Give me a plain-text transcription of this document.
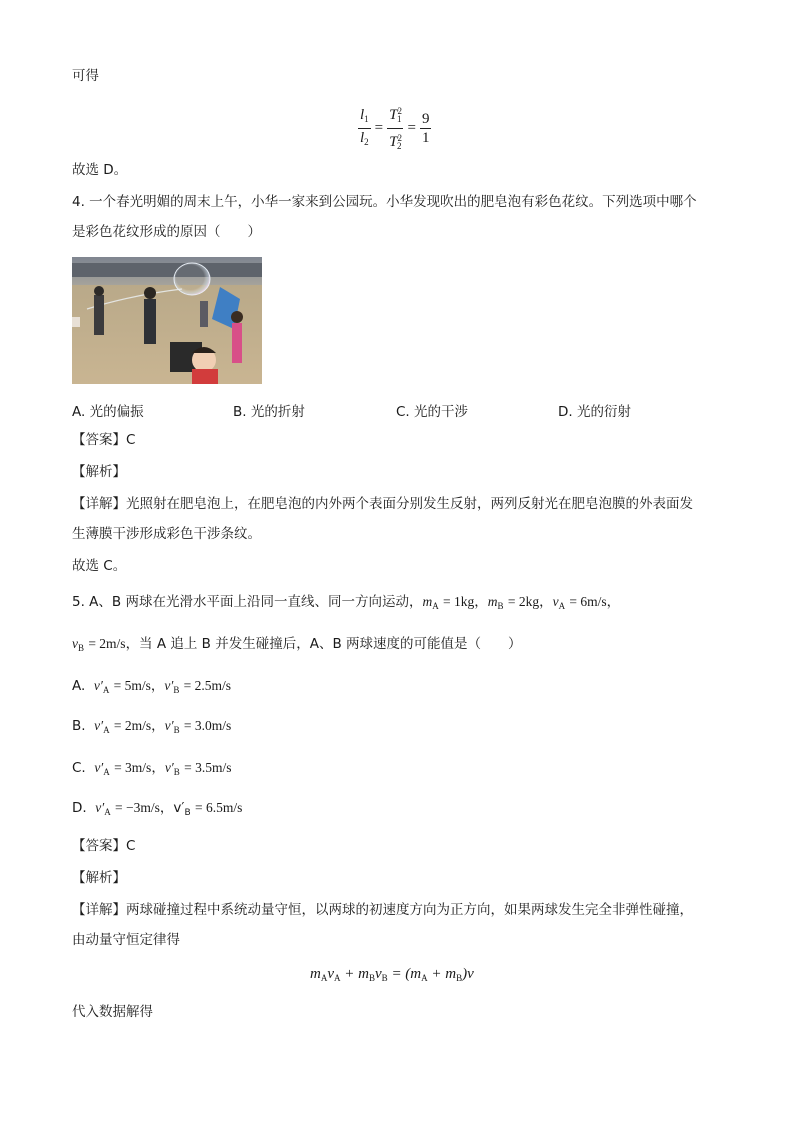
可得
$\frac{l_1}{l_2} = \frac{T^2_1}{T^2_2} = \frac{9}{1}$
故选 D。
4. 一个春光明媚的周末上午，小华一家来到公园玩。小华发现吹出的肥皂泡有彩色花纹。下列选项中哪个
是彩色花纹形成的原因（　　）
A. 光的偏振	B. 光的折射	C. 光的干涉	D. 光的衍射
【答案】C
【解析】
【详解】光照射在肥皂泡上，在肥皂泡的内外两个表面分别发生反射，两列反射光在肥皂泡膜的外表面发
生薄膜干涉形成彩色干涉条纹。
故选 C。
5. A、B 两球在光滑水平面上沿同一直线、同一方向运动，$m_A = 1kg$，$m_B = 2kg$，$v_A = 6m/s$，
$v_B = 2m/s$，当 A 追上 B 并发生碰撞后，A、B 两球速度的可能值是（　　）
A. $v'_A = 5m/s$，$v'_B = 2.5m/s$
B. $v'_A = 2m/s$，$v'_B = 3.0m/s$
C. $v'_A = 3m/s$，$v'_B = 3.5m/s$
D. $v'_A = -3m/s$，$v'_B = 6.5m/s$
【答案】C
【解析】
【详解】两球碰撞过程中系统动量守恒，以两球的初速度方向为正方向，如果两球发生完全非弹性碰撞，
由动量守恒定律得
$m_Av_A + m_Bv_B = (m_A + m_B)v$
代入数据解得
